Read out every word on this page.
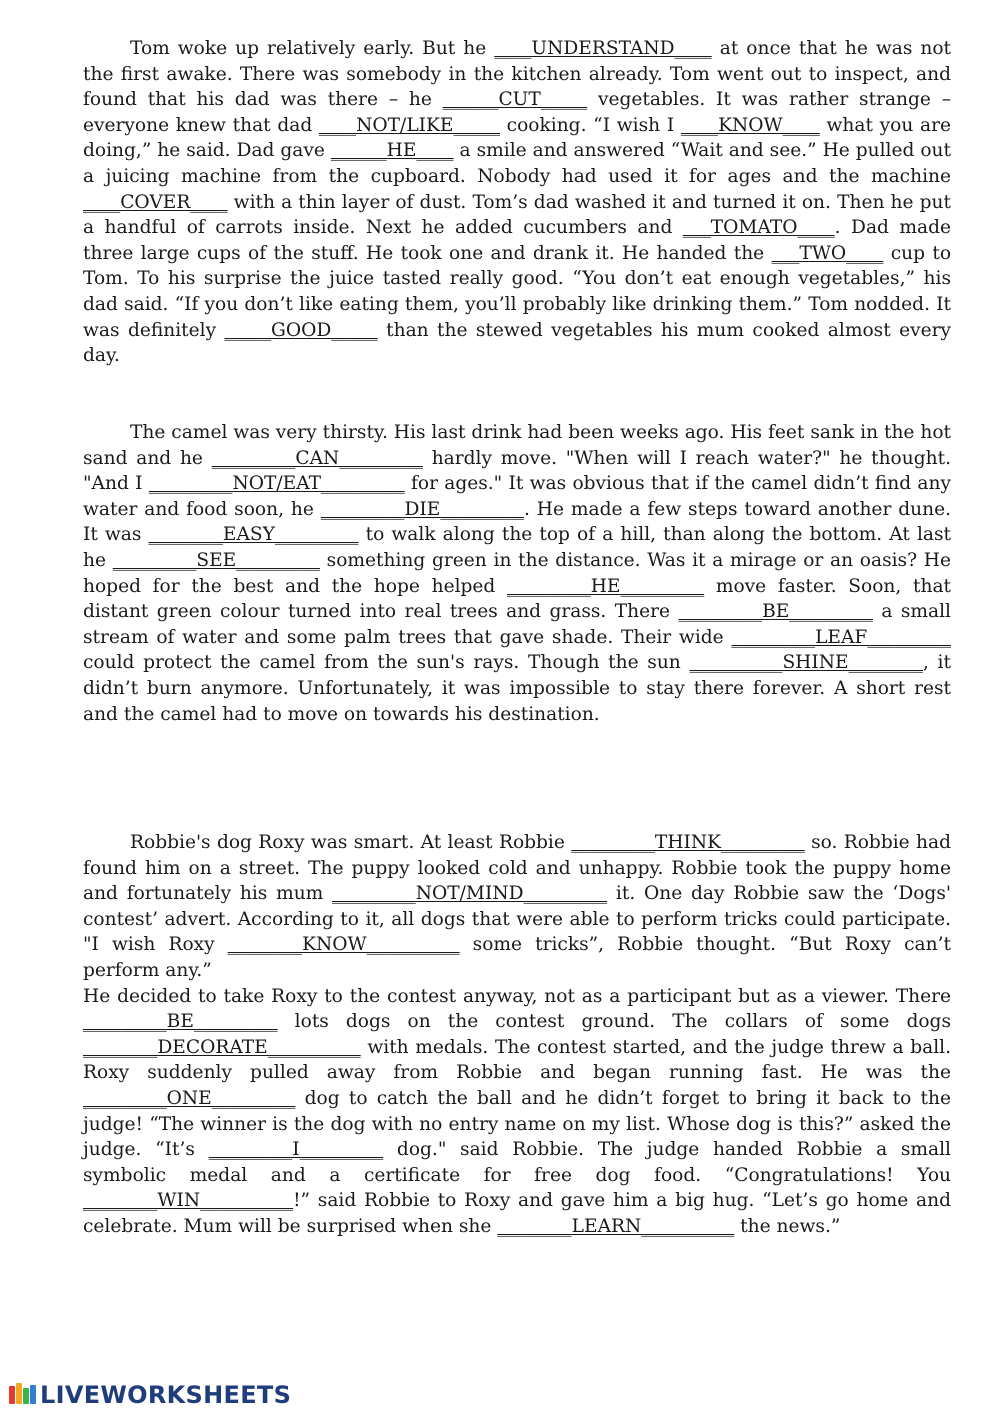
Tom woke up relatively early. But he ____UNDERSTAND____ at once that he was not the first awake. There was somebody in the kitchen already. Tom went out to inspect, and found that his dad was there – he ______CUT_____ vegetables. It was rather strange – everyone knew that dad ____NOT/LIKE_____ cooking. “I wish I ____KNOW____ what you are doing,” he said. Dad gave ______HE____ a smile and answered “Wait and see.” He pulled out a juicing machine from the cupboard. Nobody had used it for ages and the machine ____COVER____ with a thin layer of dust. Tom’s dad washed it and turned it on. Then he put a handful of carrots inside. Next he added cucumbers and ___TOMATO____. Dad made three large cups of the stuff. He took one and drank it. He handed the ___TWO____ cup to Tom. To his surprise the juice tasted really good. “You don’t eat enough vegetables,” his dad said. “If you don’t like eating them, you’ll probably like drinking them.” Tom nodded. It was definitely _____GOOD_____ than the stewed vegetables his mum cooked almost every day.

The camel was very thirsty. His last drink had been weeks ago. His feet sank in the hot sand and he _________CAN_________ hardly move. "When will I reach water?" he thought. "And I _________NOT/EAT_________ for ages." It was obvious that if the camel didn’t find any water and food soon, he _________DIE_________. He made a few steps toward another dune. It was ________EASY_________ to walk along the top of a hill, than along the bottom. At last he _________SEE_________ something green in the distance. Was it a mirage or an oasis? He hoped for the best and the hope helped _________HE_________ move faster. Soon, that distant green colour turned into real trees and grass. There _________BE_________ a small stream of water and some palm trees that gave shade. Their wide _________LEAF_________ could protect the camel from the sun's rays. Though the sun __________SHINE________, it didn’t burn anymore. Unfortunately, it was impossible to stay there forever. A short rest and the camel had to move on towards his destination.

Robbie's dog Roxy was smart. At least Robbie _________THINK_________ so. Robbie had found him on a street. The puppy looked cold and unhappy. Robbie took the puppy home and fortunately his mum _________NOT/MIND_________ it. One day Robbie saw the ‘Dogs' contest’ advert. According to it, all dogs that were able to perform tricks could participate. "I wish Roxy ________KNOW__________ some tricks”, Robbie thought. “But Roxy can’t perform any.”

He decided to take Roxy to the contest anyway, not as a participant but as a viewer. There _________BE_________ lots dogs on the contest ground. The collars of some dogs ________DECORATE__________ with medals. The contest started, and the judge threw a ball. Roxy suddenly pulled away from Robbie and began running fast. He was the _________ONE_________ dog to catch the ball and he didn’t forget to bring it back to the judge! “The winner is the dog with no entry name on my list. Whose dog is this?” asked the judge. “It’s _________I_________ dog." said Robbie. The judge handed Robbie a small symbolic medal and a certificate for free dog food. “Congratulations! You ________WIN__________!” said Robbie to Roxy and gave him a big hug. “Let’s go home and celebrate. Mum will be surprised when she ________LEARN__________ the news.”

LIVEWORKSHEETS
